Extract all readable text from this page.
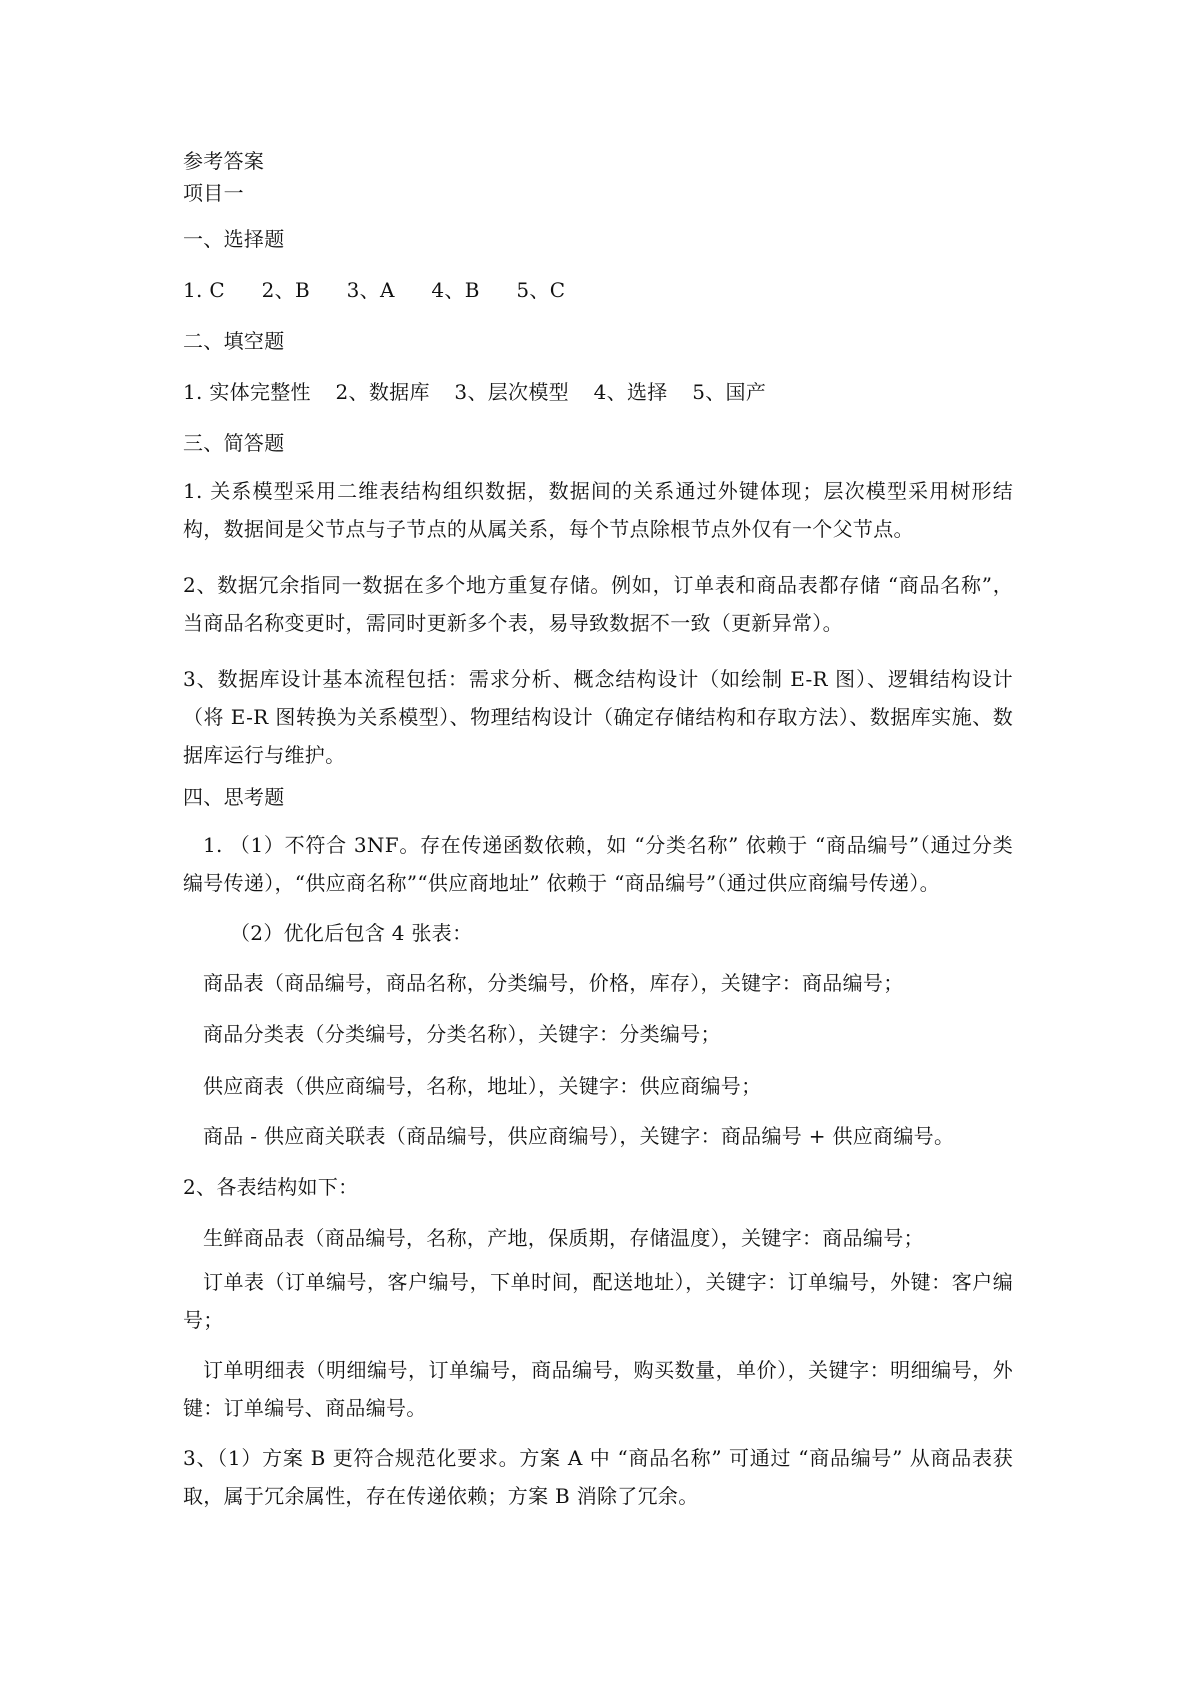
参考答案
项目一
一、选择题
1. C 2、B 3、A 4、B 5、C
二、填空题
1. 实体完整性 2、数据库 3、层次模型 4、选择 5、国产
三、简答题
1. 关系模型采用二维表结构组织数据，数据间的关系通过外键体现；层次模型采用树形结构，数据间是父节点与子节点的从属关系，每个节点除根节点外仅有一个父节点。
2、数据冗余指同一数据在多个地方重复存储。例如，订单表和商品表都存储 “商品名称”，当商品名称变更时，需同时更新多个表，易导致数据不一致（更新异常）。
3、数据库设计基本流程包括：需求分析、概念结构设计（如绘制 E-R 图）、逻辑结构设计（将 E-R 图转换为关系模型）、物理结构设计（确定存储结构和存取方法）、数据库实施、数据库运行与维护。
四、思考题
1. （1）不符合 3NF。存在传递函数依赖，如 “分类名称” 依赖于 “商品编号”（通过分类编号传递），“供应商名称”“供应商地址” 依赖于 “商品编号”（通过供应商编号传递）。
（2）优化后包含 4 张表：
商品表（商品编号，商品名称，分类编号，价格，库存），关键字：商品编号；
商品分类表（分类编号，分类名称），关键字：分类编号；
供应商表（供应商编号，名称，地址），关键字：供应商编号；
商品 - 供应商关联表（商品编号，供应商编号），关键字：商品编号 + 供应商编号。
2、各表结构如下：
生鲜商品表（商品编号，名称，产地，保质期，存储温度），关键字：商品编号；
订单表（订单编号，客户编号，下单时间，配送地址），关键字：订单编号，外键：客户编号；
订单明细表（明细编号，订单编号，商品编号，购买数量，单价），关键字：明细编号，外键：订单编号、商品编号。
3、（1）方案 B 更符合规范化要求。方案 A 中 “商品名称” 可通过 “商品编号” 从商品表获取，属于冗余属性，存在传递依赖；方案 B 消除了冗余。
